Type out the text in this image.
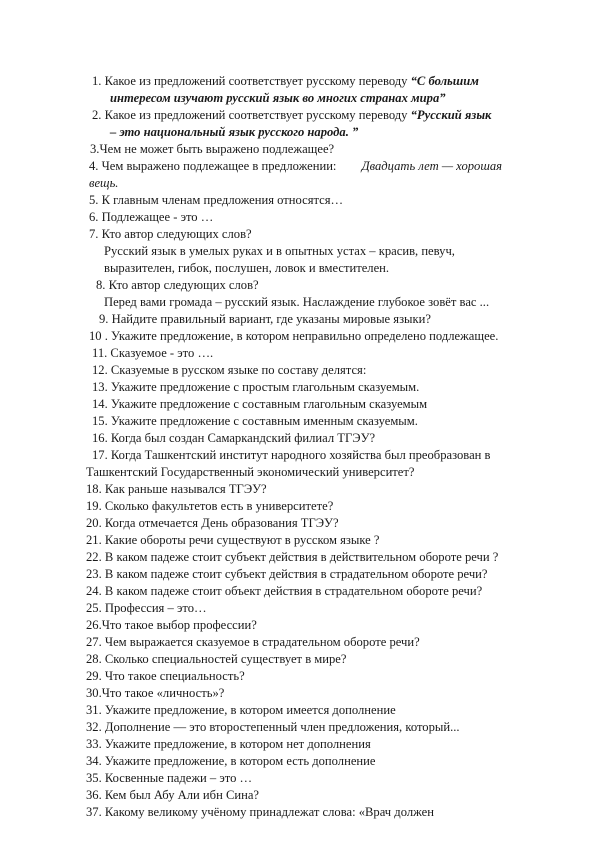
1. Какое из предложений соответствует русскому переводу “С большим

интересом изучают русский язык во многих странах мира”

2. Какое из предложений соответствует русскому переводу “Русский язык

– это национальный язык русского народа. ”

3.Чем не может быть выражено подлежащее?

4. Чем выражено подлежащее в предложении: Двадцать лет — хорошая

вещь.

5. К главным членам предложения относятся…

6. Подлежащее - это …

7. Кто автор следующих слов?

Русский язык в умелых руках и в опытных устах – красив, певуч,

выразителен, гибок, послушен, ловок и вместителен.

8. Кто автор следующих слов?

Перед вами громада – русский язык. Наслаждение глубокое зовёт вас ...

9. Найдите правильный вариант, где указаны мировые языки?

10 . Укажите предложение, в котором неправильно определено подлежащее.

11. Сказуемое - это ….

12. Сказуемые в русском языке по составу делятся:

13. Укажите предложение с простым глагольным сказуемым.

14. Укажите предложение с составным глагольным сказуемым

15. Укажите предложение с составным именным сказуемым.

16. Когда был создан Самаркандский филиал ТГЭУ?

17. Когда Ташкентский институт народного хозяйства был преобразован в

Ташкентский Государственный экономический университет?

18. Как раньше назывался ТГЭУ?

19. Сколько факультетов есть в университете?

20. Когда отмечается День образования ТГЭУ?

21. Какие обороты речи существуют в русском языке ?

22. В каком падеже стоит субъект действия в действительном обороте речи ?

23. В каком падеже стоит субъект действия в страдательном обороте речи?

24. В каком падеже стоит объект действия в страдательном обороте речи?

25. Профессия – это…

26.Что такое выбор профессии?

27. Чем выражается сказуемое в страдательном обороте речи?

28. Сколько специальностей существует в мире?

29. Что такое специальность?

30.Что такое «личность»?

31. Укажите предложение, в котором имеется дополнение

32. Дополнение — это второстепенный член предложения, который...

33. Укажите предложение, в котором нет дополнения

34. Укажите предложение, в котором есть дополнение

35. Косвенные падежи – это …

36. Кем был Абу Али ибн Сина?

37. Какому великому учёному принадлежат слова: «Врач должен
